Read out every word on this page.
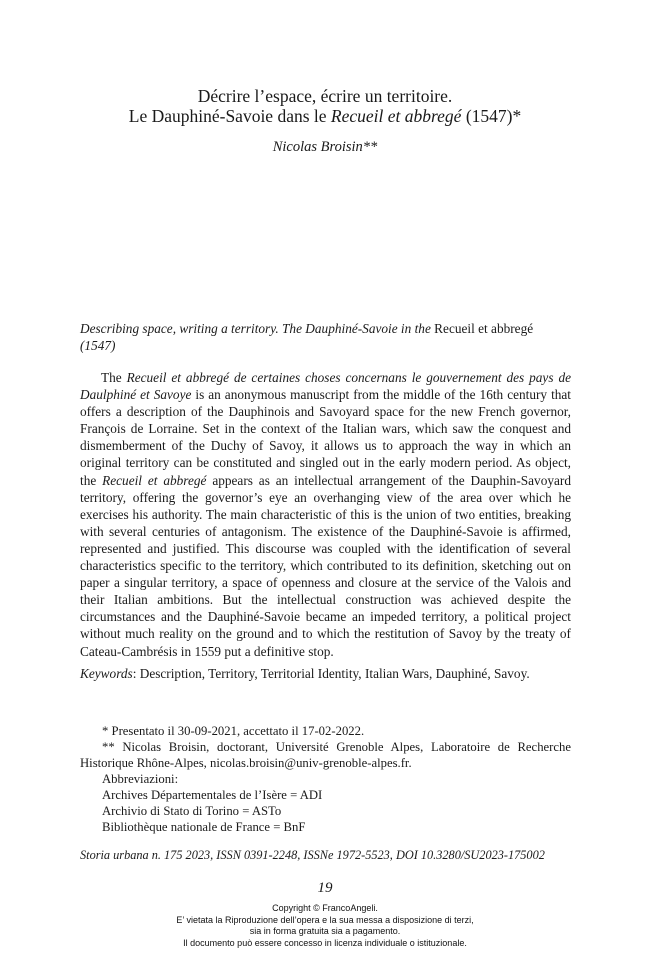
Décrire l’espace, écrire un territoire.
Le Dauphiné-Savoie dans le Recueil et abbregé (1547)*
Nicolas Broisin**
Describing space, writing a territory. The Dauphiné-Savoie in the Recueil et abbregé
(1547)
The Recueil et abbregé de certaines choses concernans le gouvernement des pays de Daulphiné et Savoye is an anonymous manuscript from the middle of the 16th century that offers a description of the Dauphinois and Savoyard space for the new French governor, François de Lorraine. Set in the context of the Italian wars, which saw the conquest and dismemberment of the Duchy of Savoy, it allows us to approach the way in which an original territory can be constituted and singled out in the early modern period. As object, the Recueil et abbregé appears as an intellectual arrangement of the Dauphin-Savoyard territory, offering the governor’s eye an overhanging view of the area over which he exercises his authority. The main characteristic of this is the union of two entities, breaking with several centuries of antagonism. The existence of the Dauphiné-Savoie is affirmed, represented and justified. This discourse was coupled with the identification of several characteristics specific to the territory, which contributed to its definition, sketching out on paper a singular territory, a space of openness and closure at the service of the Valois and their Italian ambitions. But the intellectual construction was achieved despite the circumstances and the Dauphiné-Savoie became an impeded territory, a political project without much reality on the ground and to which the restitution of Savoy by the treaty of Cateau-Cambrésis in 1559 put a definitive stop.
Keywords: Description, Territory, Territorial Identity, Italian Wars, Dauphiné, Savoy.
* Presentato il 30-09-2021, accettato il 17-02-2022.
** Nicolas Broisin, doctorant, Université Grenoble Alpes, Laboratoire de Recherche Historique Rhône-Alpes, nicolas.broisin@univ-grenoble-alpes.fr.
Abbreviazioni:
Archives Départementales de l’Isère = ADI
Archivio di Stato di Torino = ASTo
Bibliothèque nationale de France = BnF
Storia urbana n. 175 2023, ISSN 0391-2248, ISSNe 1972-5523, DOI 10.3280/SU2023-175002
19
Copyright © FrancoAngeli.
E’ vietata la Riproduzione dell’opera e la sua messa a disposizione di terzi,
sia in forma gratuita sia a pagamento.
Il documento può essere concesso in licenza individuale o istituzionale.
